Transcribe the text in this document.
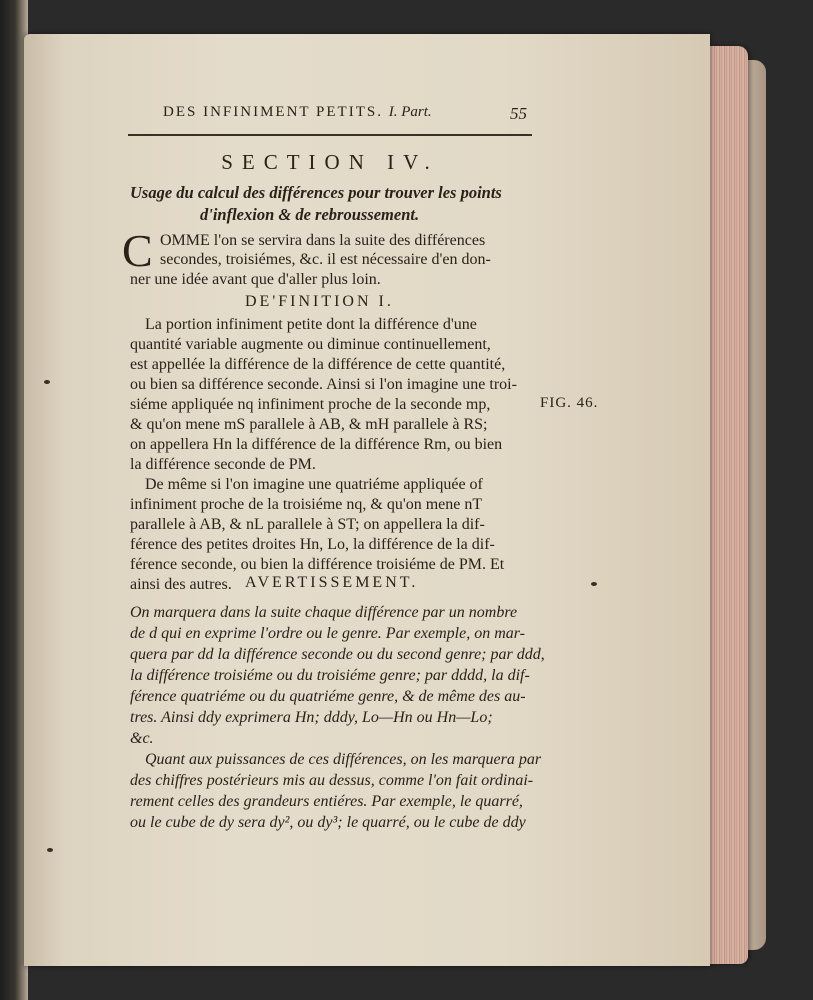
DES INFINIMENT PETITS. I. Part.	55
SECTION IV.
Usage du calcul des différences pour trouver les points
d'inflexion & de rebroussement.
C OMME l'on se servira dans la suite des différences
secondes, troisiémes, &c. il est nécessaire d'en don-
ner une idée avant que d'aller plus loin.
DE'FINITION I.
La portion infiniment petite dont la différence d'une
quantité variable augmente ou diminue continuellement,
est appellée la différence de la différence de cette quantité,
ou bien sa différence seconde. Ainsi si l'on imagine une troi-
siéme appliquée nq infiniment proche de la seconde mp,
& qu'on mene mS parallele à AB, & mH parallele à RS;
on appellera Hn la différence de la différence Rm, ou bien
la différence seconde de PM.
De même si l'on imagine une quatriéme appliquée of
infiniment proche de la troisiéme nq, & qu'on mene nT
parallele à AB, & nL parallele à ST; on appellera la dif-
férence des petites droites Hn, Lo, la différence de la dif-
férence seconde, ou bien la différence troisiéme de PM. Et
ainsi des autres.
FIG. 46.
AVERTISSEMENT.
On marquera dans la suite chaque différence par un nombre
de d qui en exprime l'ordre ou le genre. Par exemple, on mar-
quera par dd la différence seconde ou du second genre; par ddd,
la différence troisiéme ou du troisiéme genre; par dddd, la dif-
férence quatriéme ou du quatriéme genre, & de même des au-
tres. Ainsi ddy exprimera Hn; dddy, Lo—Hn ou Hn—Lo;
&c.
Quant aux puissances de ces différences, on les marquera par
des chiffres postérieurs mis au dessus, comme l'on fait ordinai-
rement celles des grandeurs entiéres. Par exemple, le quarré,
ou le cube de dy sera dy², ou dy³; le quarré, ou le cube de ddy
